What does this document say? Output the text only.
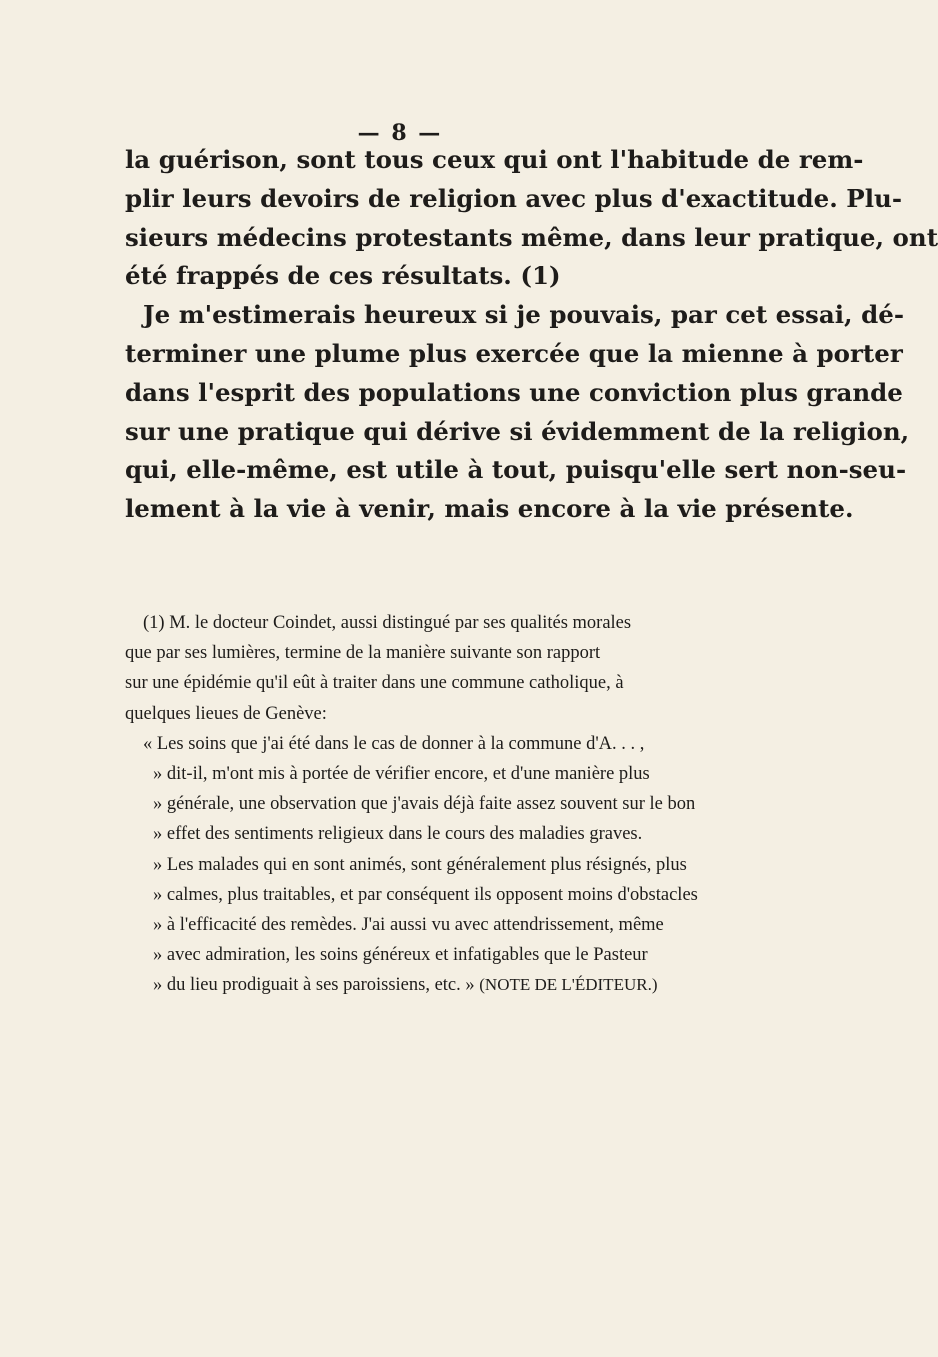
— 8 —
la guérison, sont tous ceux qui ont l'habitude de rem-
plir leurs devoirs de religion avec plus d'exactitude. Plu-
sieurs médecins protestants même, dans leur pratique, ont
été frappés de ces résultats. (1)
Je m'estimerais heureux si je pouvais, par cet essai, dé-
terminer une plume plus exercée que la mienne à porter
dans l'esprit des populations une conviction plus grande
sur une pratique qui dérive si évidemment de la religion,
qui, elle-même, est utile à tout, puisqu'elle sert non-seu-
lement à la vie à venir, mais encore à la vie présente.
(1) M. le docteur Coindet, aussi distingué par ses qualités morales
que par ses lumières, termine de la manière suivante son rapport
sur une épidémie qu'il eût à traiter dans une commune catholique, à
quelques lieues de Genève:
« Les soins que j'ai été dans le cas de donner à la commune d'A. . . ,
» dit-il, m'ont mis à portée de vérifier encore, et d'une manière plus
» générale, une observation que j'avais déjà faite assez souvent sur le bon
» effet des sentiments religieux dans le cours des maladies graves.
» Les malades qui en sont animés, sont généralement plus résignés, plus
» calmes, plus traitables, et par conséquent ils opposent moins d'obstacles
» à l'efficacité des remèdes. J'ai aussi vu avec attendrissement, même
» avec admiration, les soins généreux et infatigables que le Pasteur
» du lieu prodiguait à ses paroissiens, etc. » (NOTE DE L'ÉDITEUR.)
